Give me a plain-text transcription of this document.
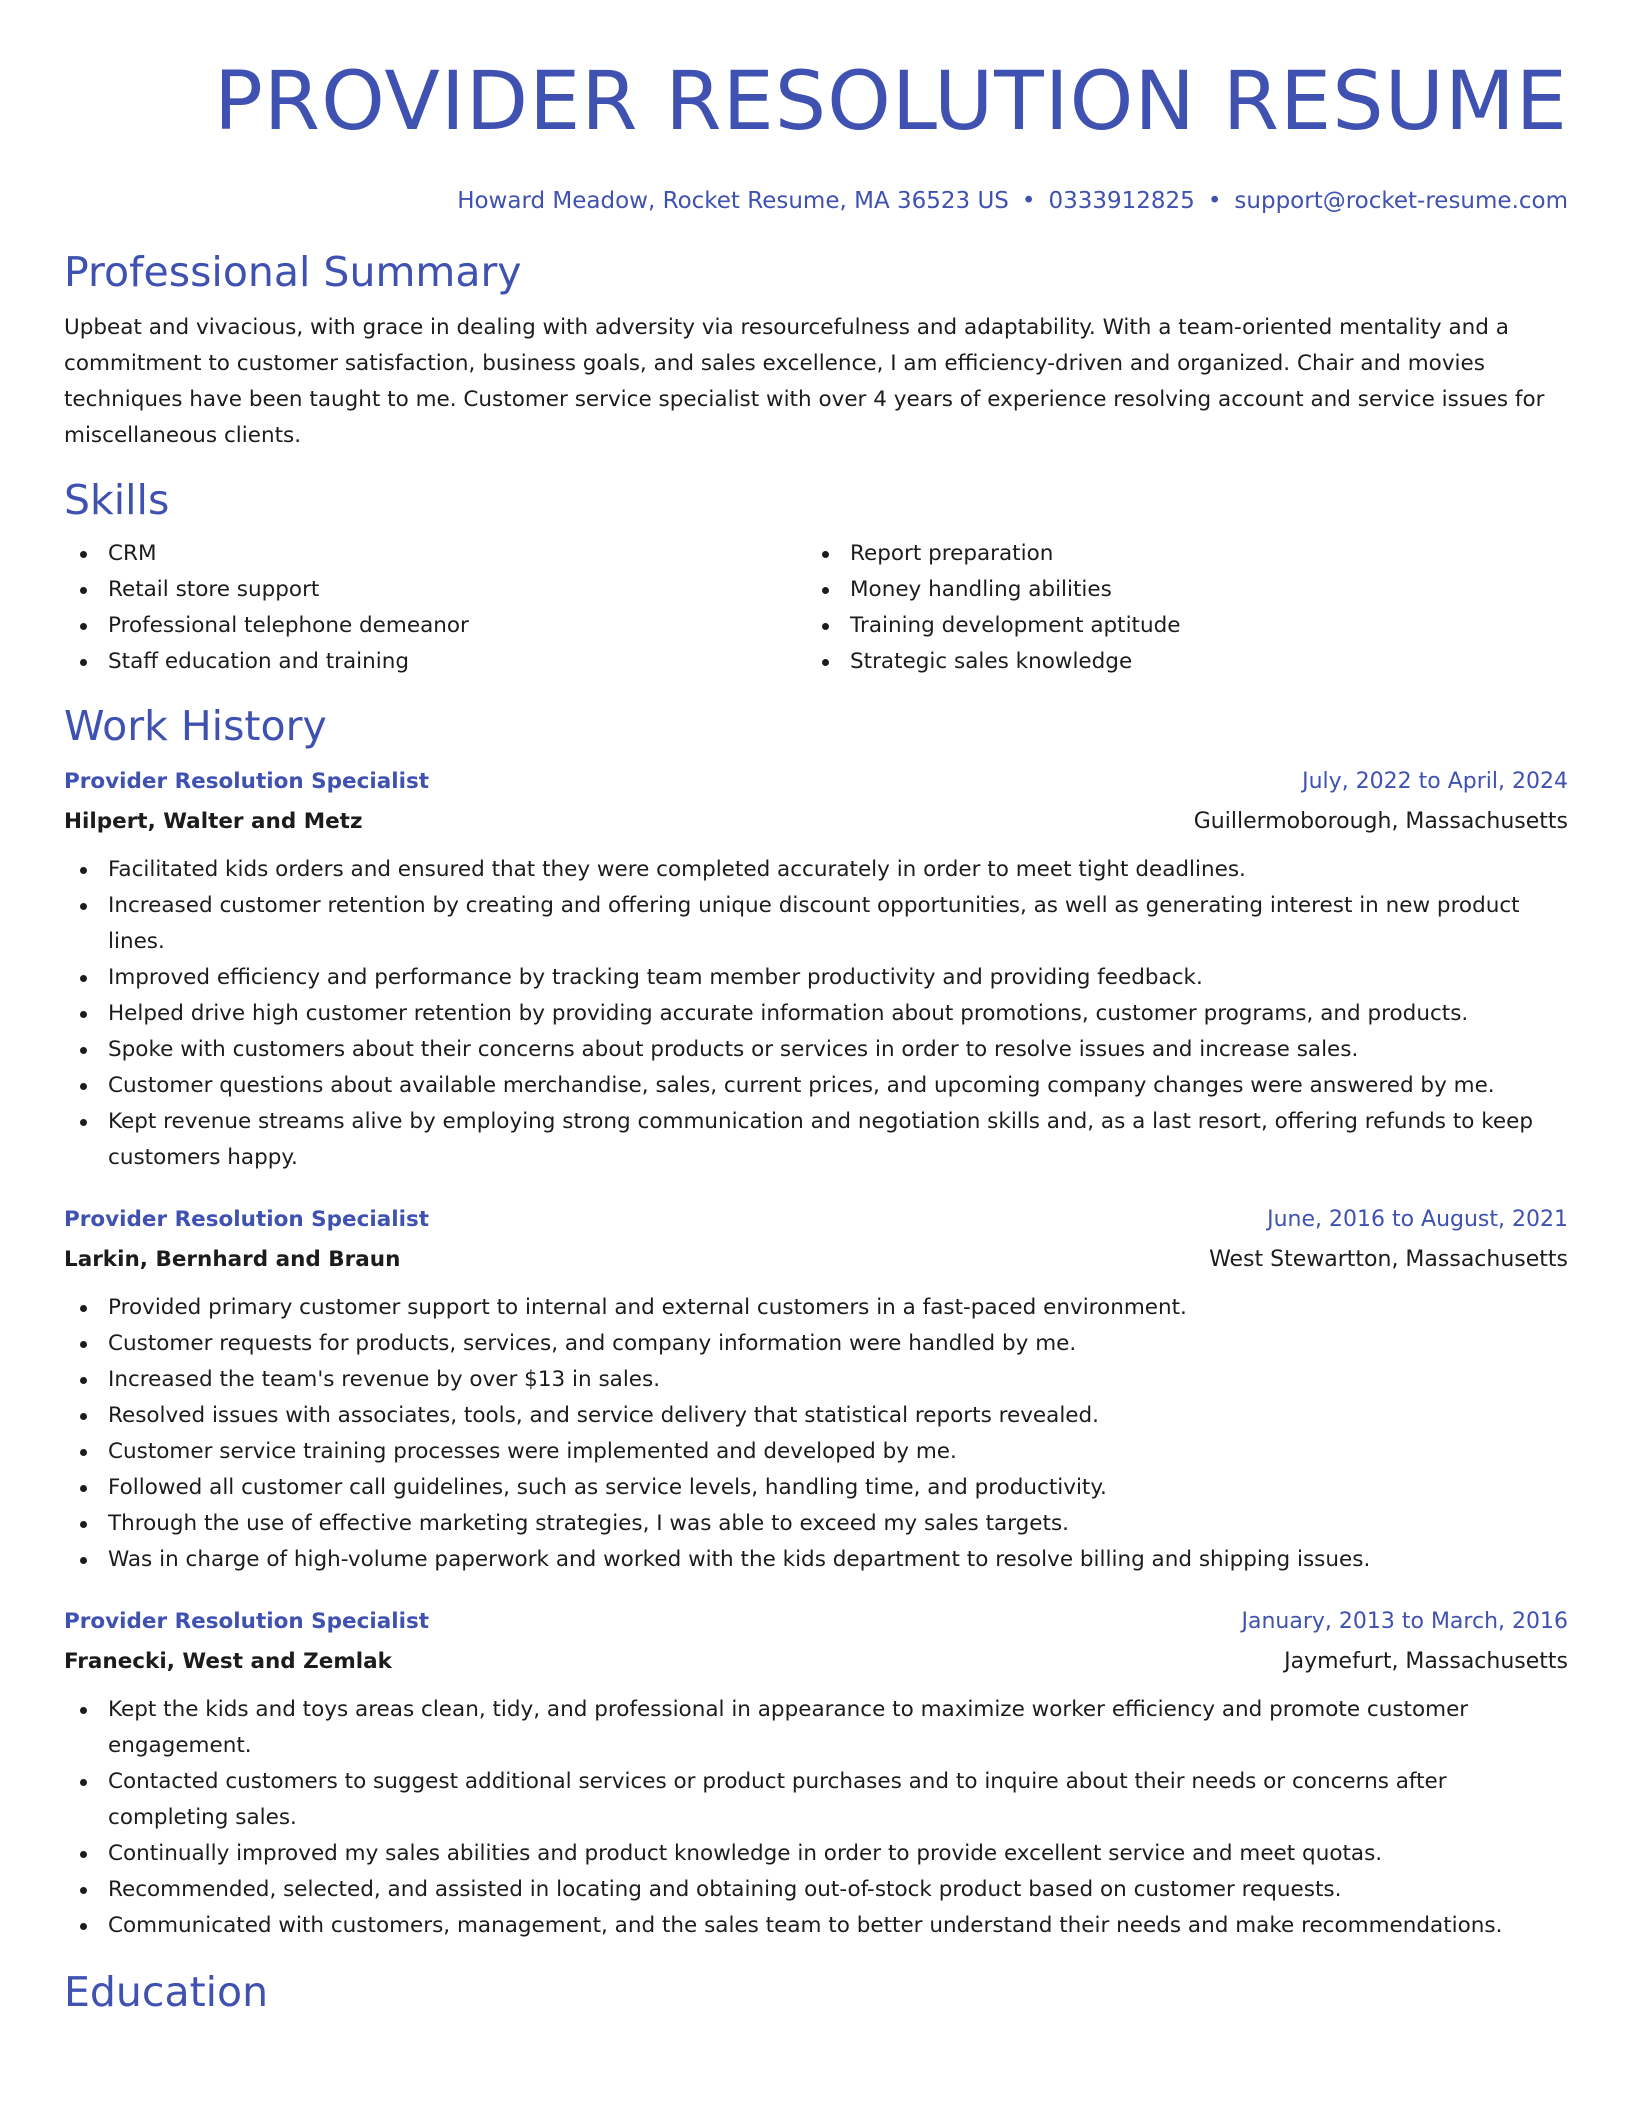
PROVIDER RESOLUTION RESUME
Howard Meadow, Rocket Resume, MA 36523 US • 0333912825 • support@rocket-resume.com
Professional Summary

Upbeat and vivacious, with grace in dealing with adversity via resourcefulness and adaptability. With a team-oriented mentality and a commitment to customer satisfaction, business goals, and sales excellence, I am efficiency-driven and organized. Chair and movies techniques have been taught to me. Customer service specialist with over 4 years of experience resolving account and service issues for miscellaneous clients.

Skills
CRM
Retail store support
Professional telephone demeanor
Staff education and training
Report preparation
Money handling abilities
Training development aptitude
Strategic sales knowledge
Work History
Provider Resolution Specialist	July, 2022 to April, 2024
Hilpert, Walter and Metz	Guillermoborough, Massachusetts
Facilitated kids orders and ensured that they were completed accurately in order to meet tight deadlines.
Increased customer retention by creating and offering unique discount opportunities, as well as generating interest in new product lines.
Improved efficiency and performance by tracking team member productivity and providing feedback.
Helped drive high customer retention by providing accurate information about promotions, customer programs, and products.
Spoke with customers about their concerns about products or services in order to resolve issues and increase sales.
Customer questions about available merchandise, sales, current prices, and upcoming company changes were answered by me.
Kept revenue streams alive by employing strong communication and negotiation skills and, as a last resort, offering refunds to keep customers happy.
Provider Resolution Specialist	June, 2016 to August, 2021
Larkin, Bernhard and Braun	West Stewartton, Massachusetts
Provided primary customer support to internal and external customers in a fast-paced environment.
Customer requests for products, services, and company information were handled by me.
Increased the team's revenue by over $13 in sales.
Resolved issues with associates, tools, and service delivery that statistical reports revealed.
Customer service training processes were implemented and developed by me.
Followed all customer call guidelines, such as service levels, handling time, and productivity.
Through the use of effective marketing strategies, I was able to exceed my sales targets.
Was in charge of high-volume paperwork and worked with the kids department to resolve billing and shipping issues.
Provider Resolution Specialist	January, 2013 to March, 2016
Franecki, West and Zemlak	Jaymefurt, Massachusetts
Kept the kids and toys areas clean, tidy, and professional in appearance to maximize worker efficiency and promote customer engagement.
Contacted customers to suggest additional services or product purchases and to inquire about their needs or concerns after completing sales.
Continually improved my sales abilities and product knowledge in order to provide excellent service and meet quotas.
Recommended, selected, and assisted in locating and obtaining out-of-stock product based on customer requests.
Communicated with customers, management, and the sales team to better understand their needs and make recommendations.
Education
